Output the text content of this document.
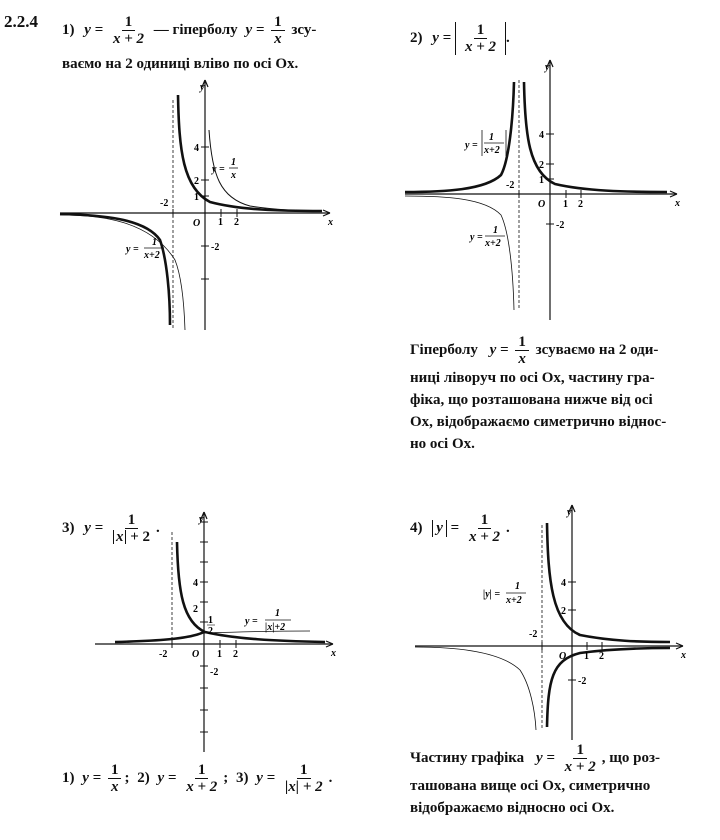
2.2.4 1) $y = \frac{1}{x + 2}$ — гіперболу $y = \frac{1}{x} зсу-$
ваємо на 2 одиниці вліво по осі Ox.
y
x
O
4
2
1
-2
1 2
-2
y =
1
x
y =
1
x+2
2) $y = \frac{1}{x + 2}$ .
y
x
O
4
2
1
-2
1 2
-2
y =
1
x+2
y =
1
x+2

Гіперболу $y = \frac{1}{x}$ зсуваємо на 2 оди-

ниці ліворуч по осі Ox, частину гра-

фіка, що розташована нижче від осі

Ox, відображаємо симетрично віднос-

но осі Ox.

3) $y = \frac{1}{x + 2}$ .
y
x
O
4
2
1
2
-2
1 2
-2
y =
1
|x|+2
4) $y = \frac{1}{x + 2}$ .
y
x
O
4
2
-2
1 2
-2
|y| =
1
x+2

Частину графіка $y = \frac{1}{x + 2}$ , що роз-

ташована вище осі Ox, симетрично

відображаємо відносно осі Ox.

1) $y = \frac{1}{x}$ ; 2) $y = \frac{1}{x + 2}$ ; 3) $y = \frac{1}{|x| + 2}$ .
